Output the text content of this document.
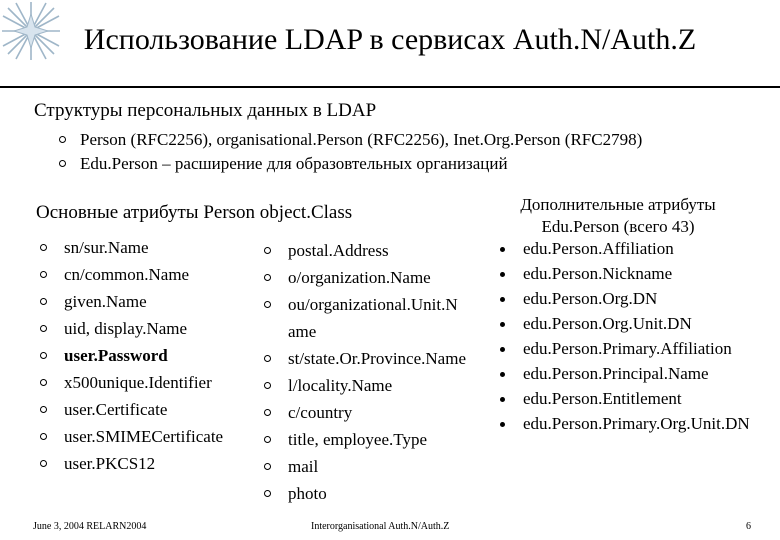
Использование LDAP в сервисах Auth.N/Auth.Z
Структуры персональных данных в LDAP
Person (RFC2256), organisational.Person (RFC2256), Inet.Org.Person (RFC2798)
Edu.Person – расширение для образовтельных организаций
Основные атрибуты Person object.Class
sn/sur.Name
cn/common.Name
given.Name
uid, display.Name
user.Password
x500unique.Identifier
user.Certificate
user.SMIMECertificate
user.PKCS12
postal.Address
o/organization.Name
ou/organizational.Unit.N
ame
st/state.Or.Province.Name
l/locality.Name
c/country
title, employee.Type
mail
photo
Дополнительные атрибуты
Edu.Person (всего 43)
edu.Person.Affiliation
edu.Person.Nickname
edu.Person.Org.DN
edu.Person.Org.Unit.DN
edu.Person.Primary.Affiliation
edu.Person.Principal.Name
edu.Person.Entitlement
edu.Person.Primary.Org.Unit.DN
June 3, 2004 RELARN2004	Interorganisational Auth.N/Auth.Z	6
